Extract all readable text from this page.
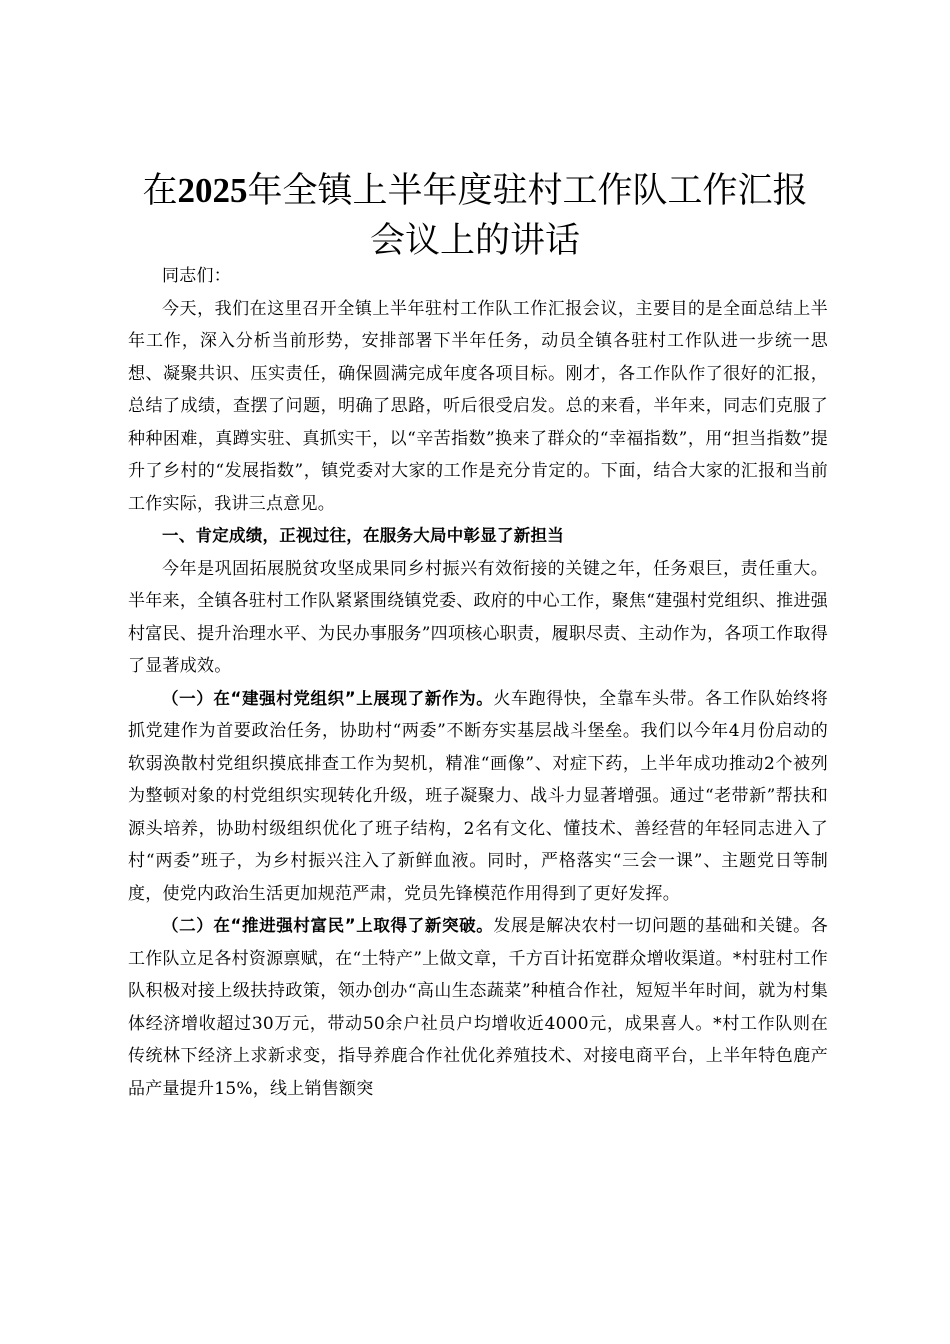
在2025年全镇上半年度驻村工作队工作汇报
会议上的讲话

同志们：

今天，我们在这里召开全镇上半年驻村工作队工作汇报会议，主要目的是全面总结上半年工作，深入分析当前形势，安排部署下半年任务，动员全镇各驻村工作队进一步统一思想、凝聚共识、压实责任，确保圆满完成年度各项目标。刚才，各工作队作了很好的汇报，总结了成绩，查摆了问题，明确了思路，听后很受启发。总的来看，半年来，同志们克服了种种困难，真蹲实驻、真抓实干，以“辛苦指数”换来了群众的“幸福指数”，用“担当指数”提升了乡村的“发展指数”，镇党委对大家的工作是充分肯定的。下面，结合大家的汇报和当前工作实际，我讲三点意见。

一、肯定成绩，正视过往，在服务大局中彰显了新担当

今年是巩固拓展脱贫攻坚成果同乡村振兴有效衔接的关键之年，任务艰巨，责任重大。半年来，全镇各驻村工作队紧紧围绕镇党委、政府的中心工作，聚焦“建强村党组织、推进强村富民、提升治理水平、为民办事服务”四项核心职责，履职尽责、主动作为，各项工作取得了显著成效。

（一）在“建强村党组织”上展现了新作为。火车跑得快，全靠车头带。各工作队始终将抓党建作为首要政治任务，协助村“两委”不断夯实基层战斗堡垒。我们以今年4月份启动的软弱涣散村党组织摸底排查工作为契机，精准“画像”、对症下药，上半年成功推动2个被列为整顿对象的村党组织实现转化升级，班子凝聚力、战斗力显著增强。通过“老带新”帮扶和源头培养，协助村级组织优化了班子结构，2名有文化、懂技术、善经营的年轻同志进入了村“两委”班子，为乡村振兴注入了新鲜血液。同时，严格落实“三会一课”、主题党日等制度，使党内政治生活更加规范严肃，党员先锋模范作用得到了更好发挥。

（二）在“推进强村富民”上取得了新突破。发展是解决农村一切问题的基础和关键。各工作队立足各村资源禀赋，在“土特产”上做文章，千方百计拓宽群众增收渠道。*村驻村工作队积极对接上级扶持政策，领办创办“高山生态蔬菜”种植合作社，短短半年时间，就为村集体经济增收超过30万元，带动50余户社员户均增收近4000元，成果喜人。*村工作队则在传统林下经济上求新求变，指导养鹿合作社优化养殖技术、对接电商平台，上半年特色鹿产品产量提升15%，线上销售额突
